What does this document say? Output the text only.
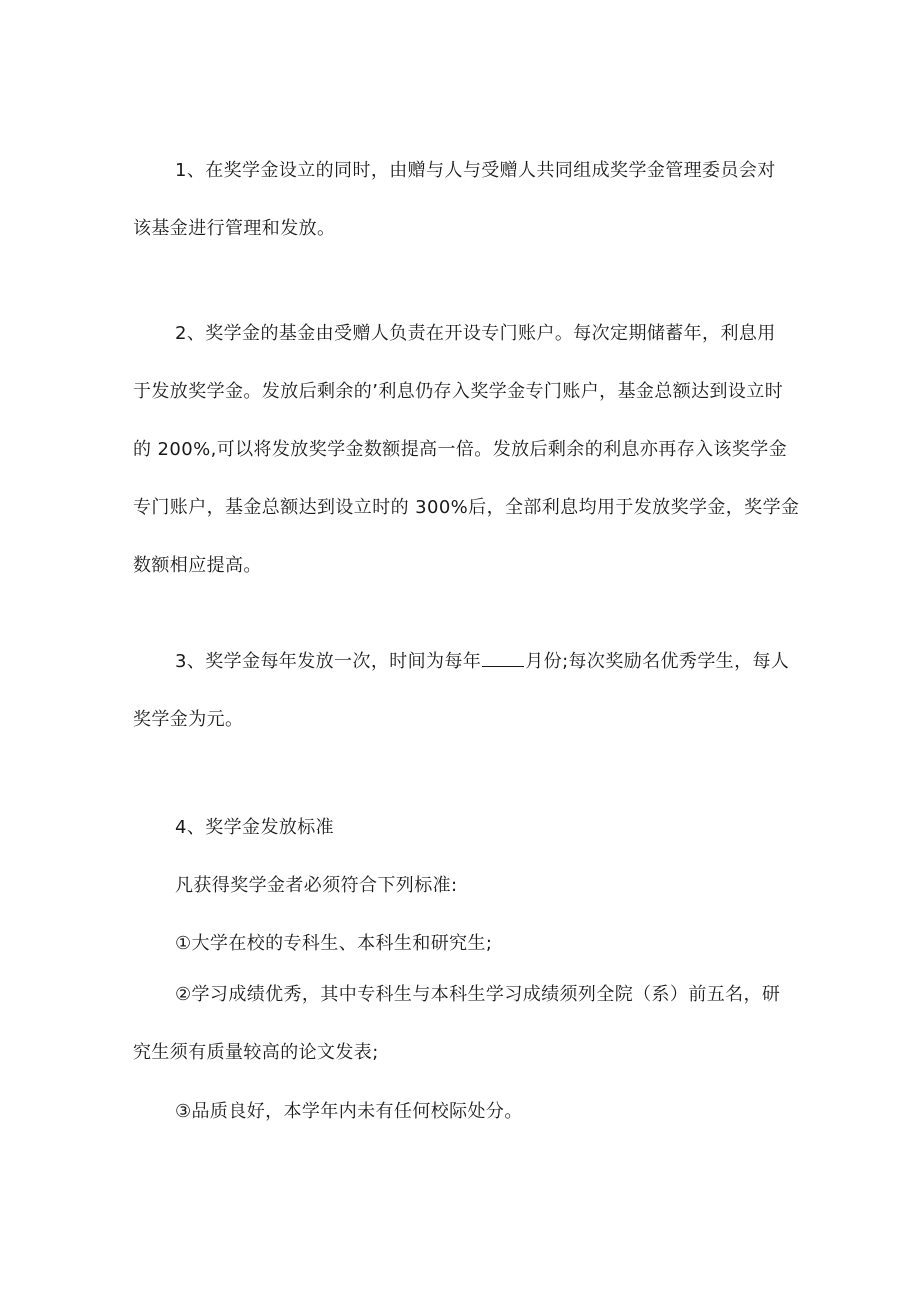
1、在奖学金设立的同时，由赠与人与受赠人共同组成奖学金管理委员会对
该基金进行管理和发放。
2、奖学金的基金由受赠人负责在开设专门账户。每次定期储蓄年，利息用
于发放奖学金。发放后剩余的’利息仍存入奖学金专门账户，基金总额达到设立时
的 200%,可以将发放奖学金数额提高一倍。发放后剩余的利息亦再存入该奖学金
专门账户，基金总额达到设立时的 300%后，全部利息均用于发放奖学金，奖学金
数额相应提高。
3、奖学金每年发放一次，时间为每年 月份;每次奖励名优秀学生，每人
奖学金为元。

4、奖学金发放标准

凡获得奖学金者必须符合下列标准:

①大学在校的专科生、本科生和研究生;

②学习成绩优秀，其中专科生与本科生学习成绩须列全院（系）前五名，研
究生须有质量较高的论文发表;

③品质良好，本学年内未有任何校际处分。
